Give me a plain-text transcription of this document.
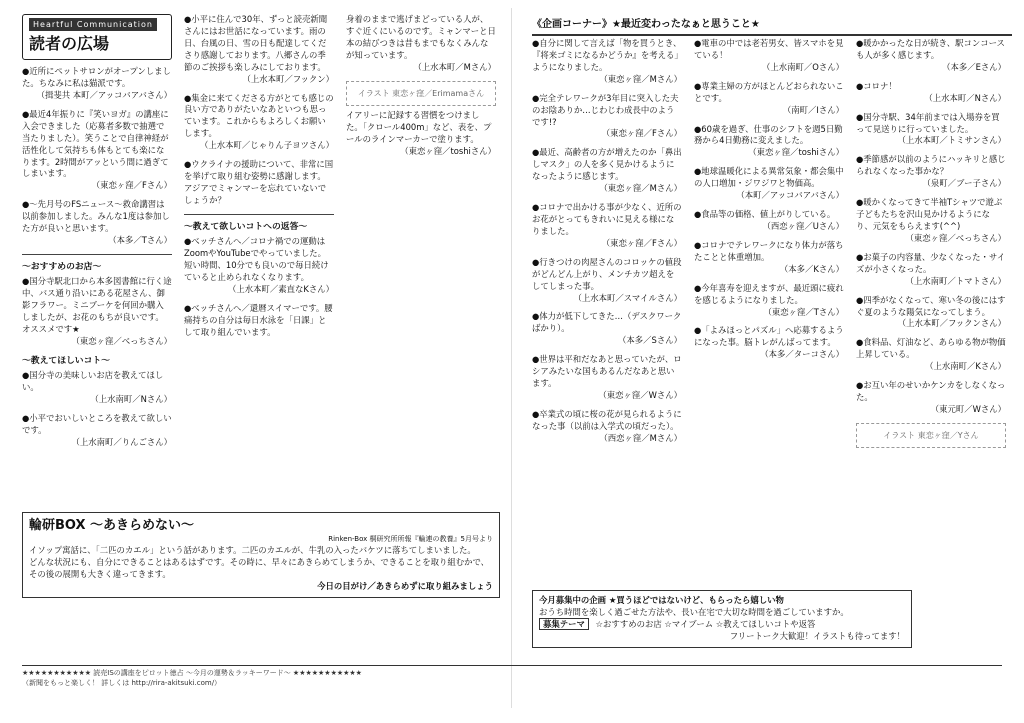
Heartful Communication
読者の広場
●近所にペットサロンがオープンしました。ちなみに私は猫派です。
（揖斐共 本町／アッコバアバさん）
●最近4年振りに『笑いヨガ』の講座に入会できました（応募者多数で抽選で当たりました）。笑うことで自律神経が活性化して気持ちも体もとても楽になります。2時間がアッという間に過ぎてしまいます。
（東恋ヶ窪／Fさん）
●～先月号のFSニュース～救命講習は以前参加しました。みんな1度は参加した方が良いと思います。
（本多／Tさん）
～おすすめのお店～
●国分寺駅北口から本多図書館に行く途中、バス通り沿いにある花屋さん、御影フラワー。ミニブーケを何回か購入しましたが、お花のもちが良いです。オススメです★
（東恋ヶ窪／べっちさん）
～教えてほしいコト～
●国分寺の美味しいお店を教えてほしい。
（上水南町／Nさん）
●小平でおいしいところを教えて欲しいです。
（上水南町／りんごさん）
●小平に住んで30年、ずっと読売新聞さんにはお世話になっています。雨の日、台風の日、雪の日も配達してくださり感謝しております。八郷さんの季節のご挨拶も楽しみにしております。
（上水本町／フックン）
●集金に来てくださる方がとても感じの良い方でありがたいなあといつも思っています。これからもよろしくお願いします。
（上水本町／じゃりん子ヨツさん）
●ウクライナの援助について、非常に国を挙げて取り組む姿勢に感謝します。アジアでミャンマーを忘れていないでしょうか？
～教えて欲しいコトへの返答～
●べッチさんへ／コロナ禍での運動はZoomやYouTubeでやっていました。短い時間、10分でも良いので毎日続けていると止められなくなります。
（上水本町／素直なKさん）
●べッチさんへ／還暦スイマーです。腰痛持ちの自分は毎日水泳を「日課」として取り組んでいます。
身着のままで逃げまどっている人が、すぐ近くにいるのです。ミャンマーと日本の結びつきは昔もまでもなくみんなが知っています。
（上水本町／Mさん）
イラスト 東恋ヶ窪／Erimamaさん
イアリーに記録する習慣をつけました。「クロール400m」など、表を、プールのラインマーカーで塗ります。
（東恋ヶ窪／toshiさん）
輪研BOX ～あきらめない～
Rinken-Box 桐研究所所報『輪連の教養』5月号より
イソップ寓話に、「二匹のカエル」という話があります。二匹のカエルが、牛乳の入ったバケツに落ちてしまいました。
どんな状況にも、自分にできることはあるはずです。その時に、早々にあきらめてしまうか、できることを取り組むかで、その後の展開も大きく違ってきます。
今日の目がけ／あきらめずに取り組みましょう
《企画コーナー》★最近変わったなぁと思うこと★
●自分に関して言えば「物を買うとき、『将来ゴミになるかどうか』を考える」ようになりました。
（東恋ヶ窪／Mさん）
●完全テレワークが3年目に突入した夫のお陰ありか…じわじわ成長中のようです!?
（東恋ヶ窪／Fさん）
●最近、高齢者の方が増えたのか「鼻出しマスク」の人を多く見かけるようになったように感じます。
（東恋ヶ窪／Mさん）
●コロナで出かける事が少なく、近所のお花がとってもきれいに見える様になりました。
（東恋ヶ窪／Fさん）
●行きつけの肉屋さんのコロッケの値段がどんどん上がり、メンチカツ超えをしてしまった事。
（上水本町／スマイルさん）
●体力が低下してきた…（デスクワークばかり）。
（本多／Sさん）
●世界は平和だなあと思っていたが、ロシアみたいな国もあるんだなあと思います。
（東恋ヶ窪／Wさん）
●卒業式の頃に桜の花が見られるようになった事（以前は入学式の頃だった）。
（西恋ヶ窪／Mさん）
●電車の中では老若男女、皆スマホを見ている！
（上水南町／Oさん）
●専業主婦の方がほとんどおられないことです。
（南町／Iさん）
●60歳を過ぎ、仕事のシフトを週5日勤務から4日勤務に変えました。
（東恋ヶ窪／toshiさん）
●地球温暖化による異常気象・都会集中の人口増加・ジワジワと物価高。
（本町／アッコバアバさん）
●食品等の価格、値上がりしている。
（西恋ヶ窪／Uさん）
●コロナでテレワークになり体力が落ちたことと体重増加。
（本多／Kさん）
●今年喜寿を迎えますが、最近頭に疲れを感じるようになりました。
（東恋ヶ窪／Tさん）
●「よみほっとパズル」へ応募するようになった事。脳トレがんばってます。
（本多／ターコさん）
●暖かかったな日が続き、駅コンコースも人が多く感じます。
（本多／Eさん）
●コロナ！
（上水本町／Nさん）
●国分寺駅、34年前までは入場券を買って見送りに行っていました。
（上水本町／トミサンさん）
●季節感が以前のようにハッキリと感じられなくなった事かな？
（泉町／ブー子さん）
●暖かくなってきて半袖Tシャツで遊ぶ子どもたちを沢山見かけるようになり、元気をもらえます(^^)
（東恋ヶ窪／べっちさん）
●お菓子の内容量、少なくなった・サイズが小さくなった。
（上水南町／トマトさん）
●四季がなくなって、寒い冬の後にはすぐ夏のような陽気になってしまう。
（上水本町／フックンさん）
●食料品、灯油など、あらゆる物が物価上昇している。
（上水南町／Kさん）
●お互い年のせいかケンカをしなくなった。
（東元町／Wさん）
イラスト 東恋ヶ窪／Yさん
今月募集中の企画 ★買うほどではないけど、もらったら嬉しい物
おうち時間を楽しく過ごせた方法や、長い在宅で大切な時間を過ごしていますか。
募集テーマ ☆おすすめのお店 ☆マイブーム ☆教えてほしいコトや返答
フリートーク大歓迎！イラストも待ってます！
★★★★★★★★★★★ 読売ISの講座をピロット徳占 ～今月の運勢＆ラッキーワード～ ★★★★★★★★★★★
（新聞をもっと楽しく！ 詳しくは http://rira-akitsuki.com/）
